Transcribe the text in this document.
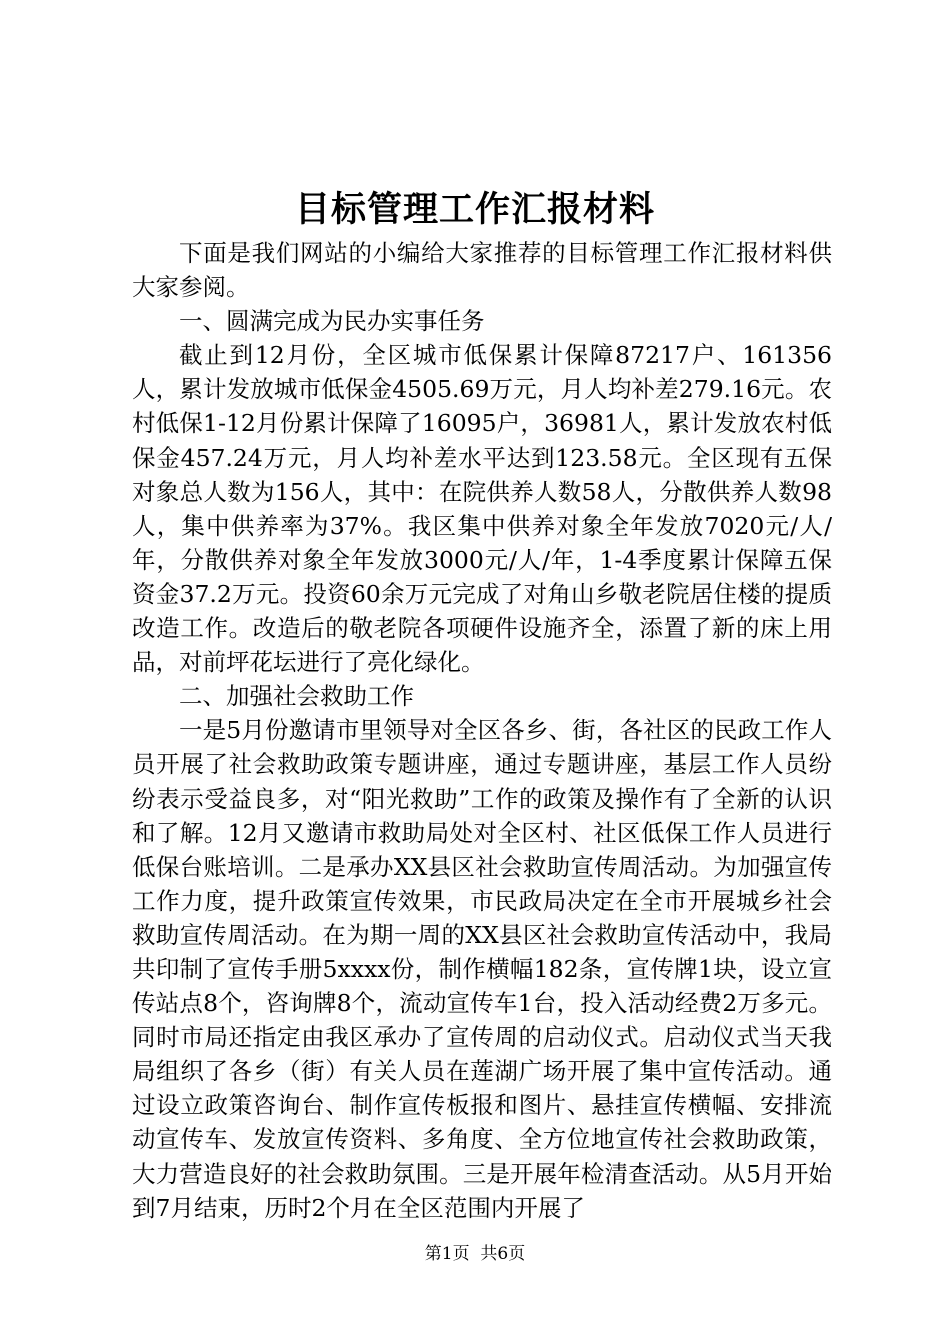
目标管理工作汇报材料

下面是我们网站的小编给大家推荐的目标管理工作汇报材料供大家参阅。

一、圆满完成为民办实事任务

截止到12月份，全区城市低保累计保障87217户、161356人，累计发放城市低保金4505.69万元，月人均补差279.16元。农村低保1-12月份累计保障了16095户，36981人，累计发放农村低保金457.24万元，月人均补差水平达到123.58元。全区现有五保对象总人数为156人，其中：在院供养人数58人，分散供养人数98人，集中供养率为37%。我区集中供养对象全年发放7020元/人/年，分散供养对象全年发放3000元/人/年，1-4季度累计保障五保资金37.2万元。投资60余万元完成了对角山乡敬老院居住楼的提质改造工作。改造后的敬老院各项硬件设施齐全，添置了新的床上用品，对前坪花坛进行了亮化绿化。

二、加强社会救助工作

一是5月份邀请市里领导对全区各乡、街，各社区的民政工作人员开展了社会救助政策专题讲座，通过专题讲座，基层工作人员纷纷表示受益良多，对“阳光救助”工作的政策及操作有了全新的认识和了解。12月又邀请市救助局处对全区村、社区低保工作人员进行低保台账培训。二是承办XX县区社会救助宣传周活动。为加强宣传工作力度，提升政策宣传效果，市民政局决定在全市开展城乡社会救助宣传周活动。在为期一周的XX县区社会救助宣传活动中，我局共印制了宣传手册5xxxx份，制作横幅182条，宣传牌1块，设立宣传站点8个，咨询牌8个，流动宣传车1台，投入活动经费2万多元。同时市局还指定由我区承办了宣传周的启动仪式。启动仪式当天我局组织了各乡（街）有关人员在莲湖广场开展了集中宣传活动。通过设立政策咨询台、制作宣传板报和图片、悬挂宣传横幅、安排流动宣传车、发放宣传资料、多角度、全方位地宣传社会救助政策，大力营造良好的社会救助氛围。三是开展年检清查活动。从5月开始到7月结束，历时2个月在全区范围内开展了

第1页 共6页
